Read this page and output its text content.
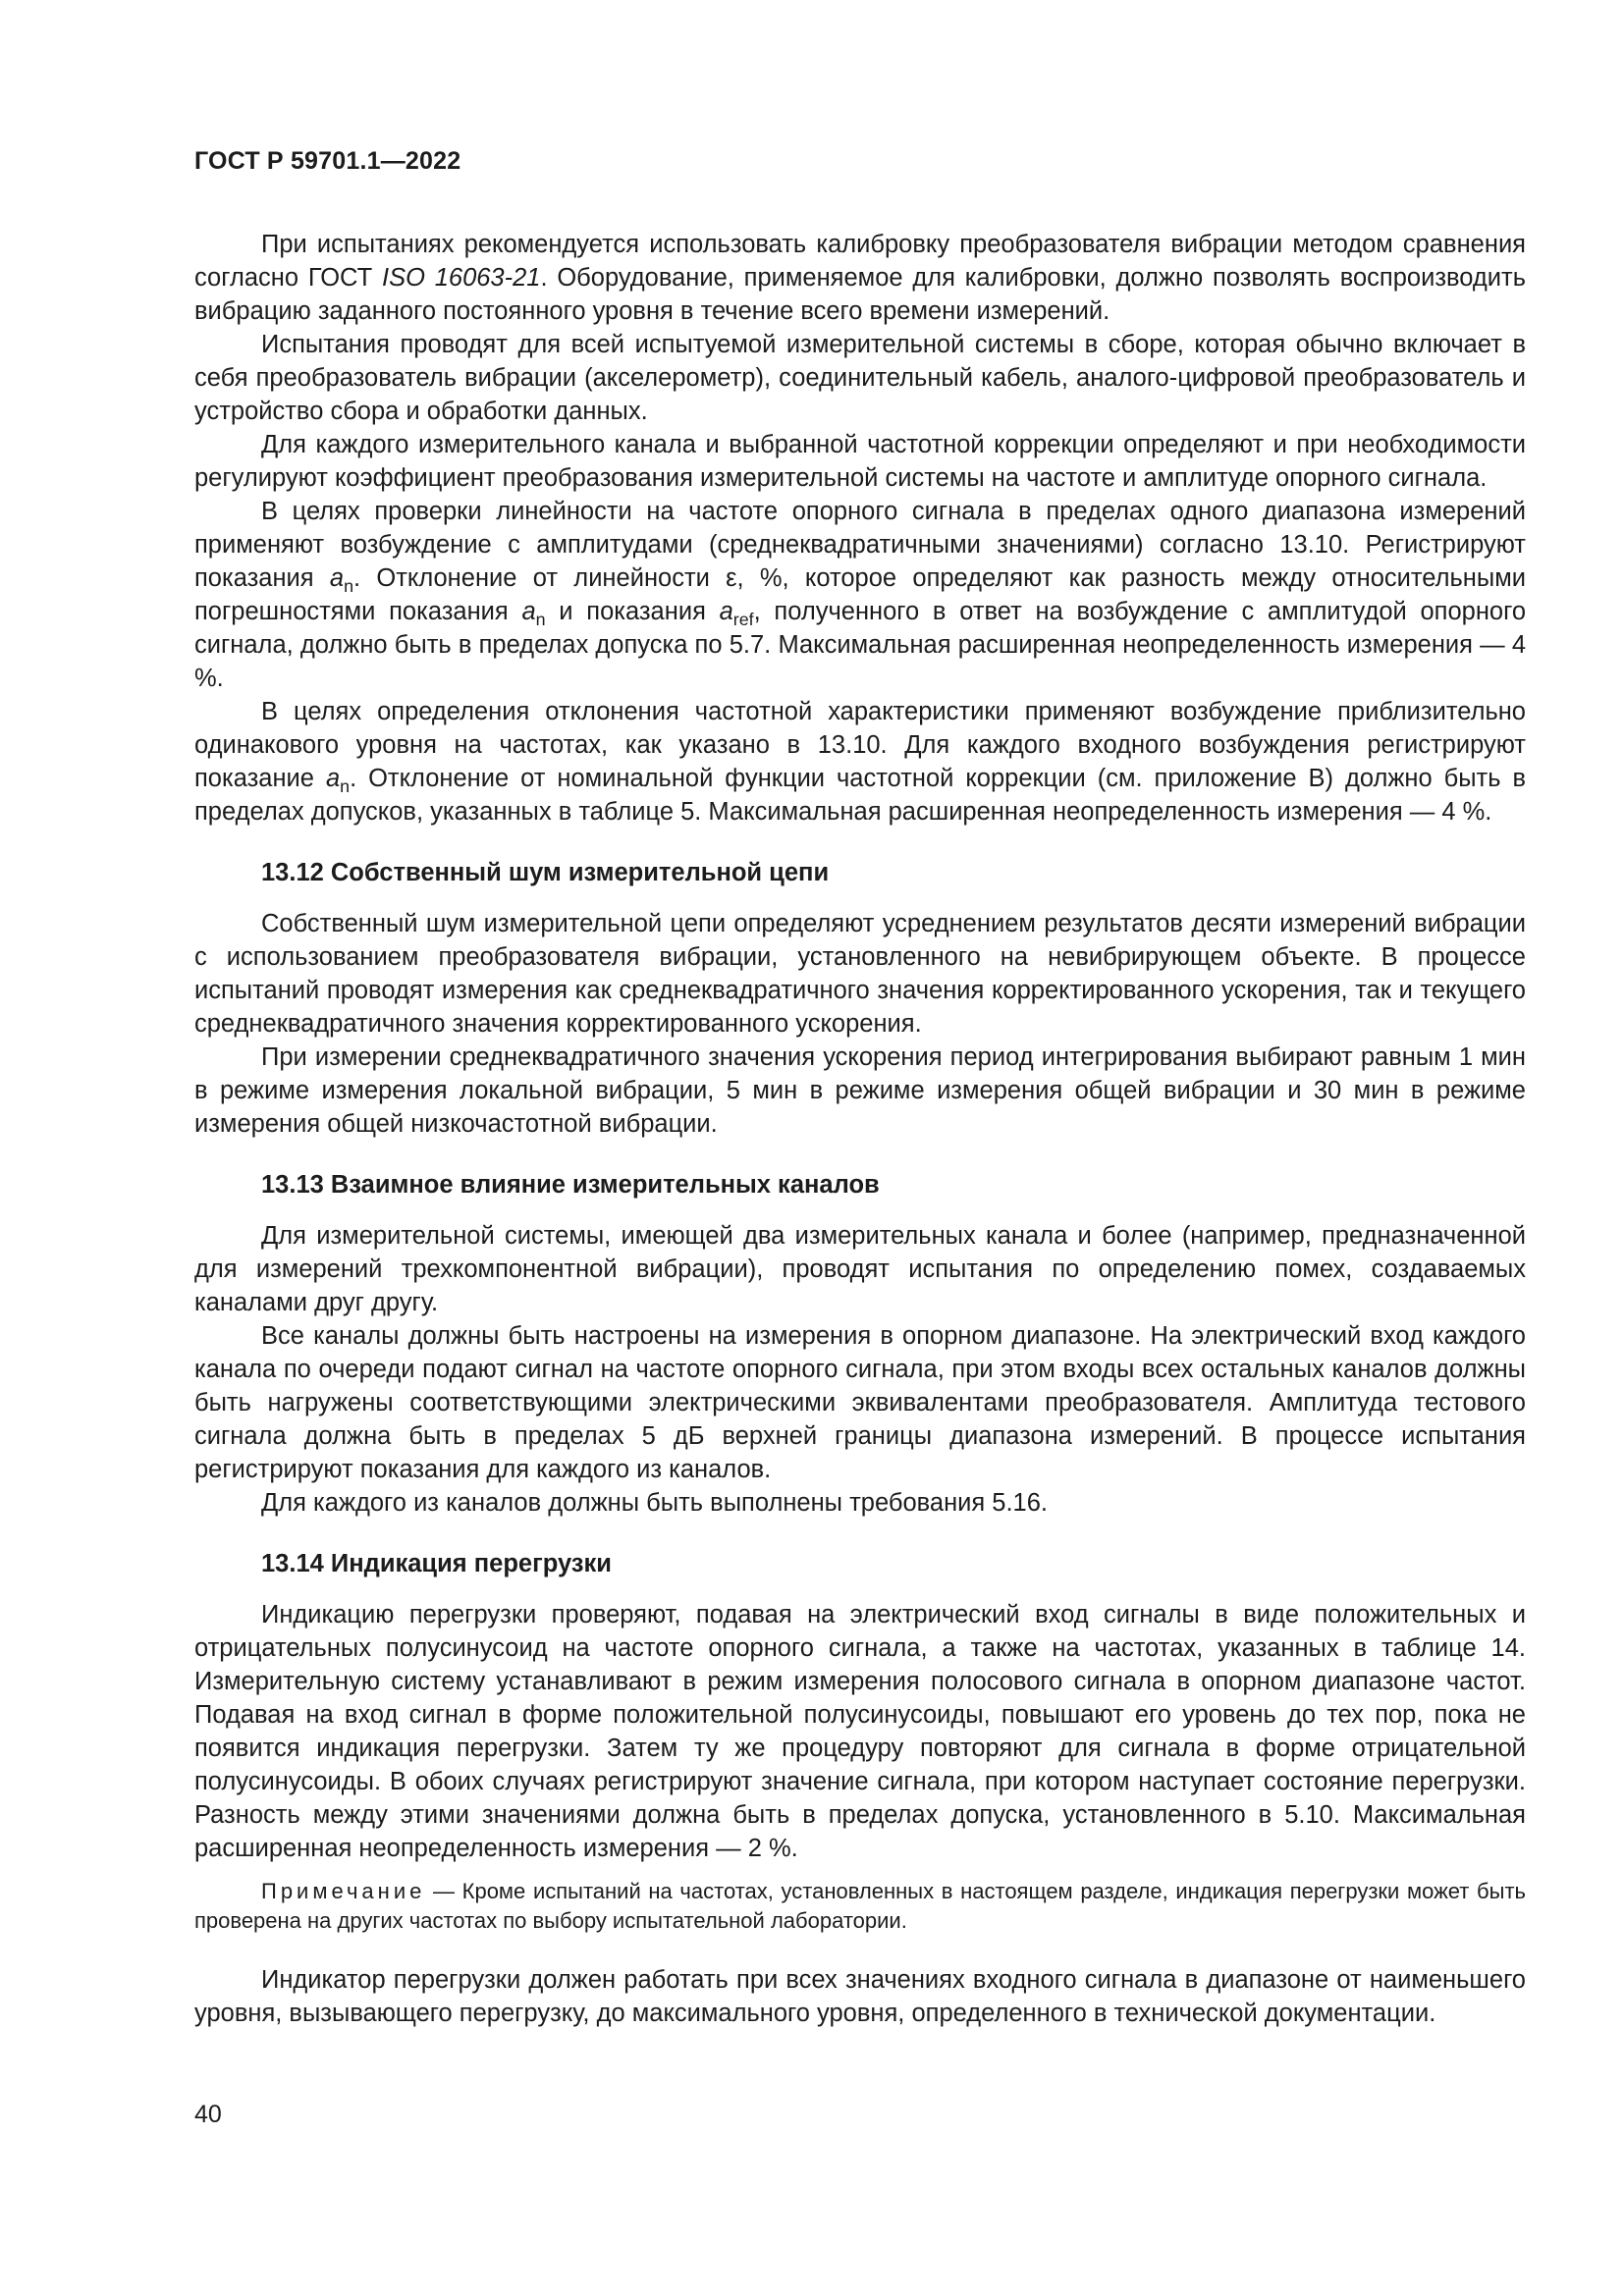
ГОСТ Р 59701.1—2022

При испытаниях рекомендуется использовать калибровку преобразователя вибрации методом сравнения согласно ГОСТ ISO 16063-21. Оборудование, применяемое для калибровки, должно позволять воспроизводить вибрацию заданного постоянного уровня в течение всего времени измерений.

Испытания проводят для всей испытуемой измерительной системы в сборе, которая обычно включает в себя преобразователь вибрации (акселерометр), соединительный кабель, аналого-цифровой преобразователь и устройство сбора и обработки данных.

Для каждого измерительного канала и выбранной частотной коррекции определяют и при необходимости регулируют коэффициент преобразования измерительной системы на частоте и амплитуде опорного сигнала.

В целях проверки линейности на частоте опорного сигнала в пределах одного диапазона измерений применяют возбуждение с амплитудами (среднеквадратичными значениями) согласно 13.10. Регистрируют показания $a_n$. Отклонение от линейности ε, %, которое определяют как разность между относительными погрешностями показания $a_n$ и показания $a_{ref}$, полученного в ответ на возбуждение с амплитудой опорного сигнала, должно быть в пределах допуска по 5.7. Максимальная расширенная неопределенность измерения — 4 %.

В целях определения отклонения частотной характеристики применяют возбуждение приблизительно одинакового уровня на частотах, как указано в 13.10. Для каждого входного возбуждения регистрируют показание $a_n$. Отклонение от номинальной функции частотной коррекции (см. приложение В) должно быть в пределах допусков, указанных в таблице 5. Максимальная расширенная неопределенность измерения — 4 %.

13.12 Собственный шум измерительной цепи

Собственный шум измерительной цепи определяют усреднением результатов десяти измерений вибрации с использованием преобразователя вибрации, установленного на невибрирующем объекте. В процессе испытаний проводят измерения как среднеквадратичного значения корректированного ускорения, так и текущего среднеквадратичного значения корректированного ускорения.

При измерении среднеквадратичного значения ускорения период интегрирования выбирают равным 1 мин в режиме измерения локальной вибрации, 5 мин в режиме измерения общей вибрации и 30 мин в режиме измерения общей низкочастотной вибрации.

13.13 Взаимное влияние измерительных каналов

Для измерительной системы, имеющей два измерительных канала и более (например, предназначенной для измерений трехкомпонентной вибрации), проводят испытания по определению помех, создаваемых каналами друг другу.

Все каналы должны быть настроены на измерения в опорном диапазоне. На электрический вход каждого канала по очереди подают сигнал на частоте опорного сигнала, при этом входы всех остальных каналов должны быть нагружены соответствующими электрическими эквивалентами преобразователя. Амплитуда тестового сигнала должна быть в пределах 5 дБ верхней границы диапазона измерений. В процессе испытания регистрируют показания для каждого из каналов.

Для каждого из каналов должны быть выполнены требования 5.16.

13.14 Индикация перегрузки

Индикацию перегрузки проверяют, подавая на электрический вход сигналы в виде положительных и отрицательных полусинусоид на частоте опорного сигнала, а также на частотах, указанных в таблице 14. Измерительную систему устанавливают в режим измерения полосового сигнала в опорном диапазоне частот. Подавая на вход сигнал в форме положительной полусинусоиды, повышают его уровень до тех пор, пока не появится индикация перегрузки. Затем ту же процедуру повторяют для сигнала в форме отрицательной полусинусоиды. В обоих случаях регистрируют значение сигнала, при котором наступает состояние перегрузки. Разность между этими значениями должна быть в пределах допуска, установленного в 5.10. Максимальная расширенная неопределенность измерения — 2 %.

Примечание — Кроме испытаний на частотах, установленных в настоящем разделе, индикация перегрузки может быть проверена на других частотах по выбору испытательной лаборатории.

Индикатор перегрузки должен работать при всех значениях входного сигнала в диапазоне от наименьшего уровня, вызывающего перегрузку, до максимального уровня, определенного в технической документации.

40
